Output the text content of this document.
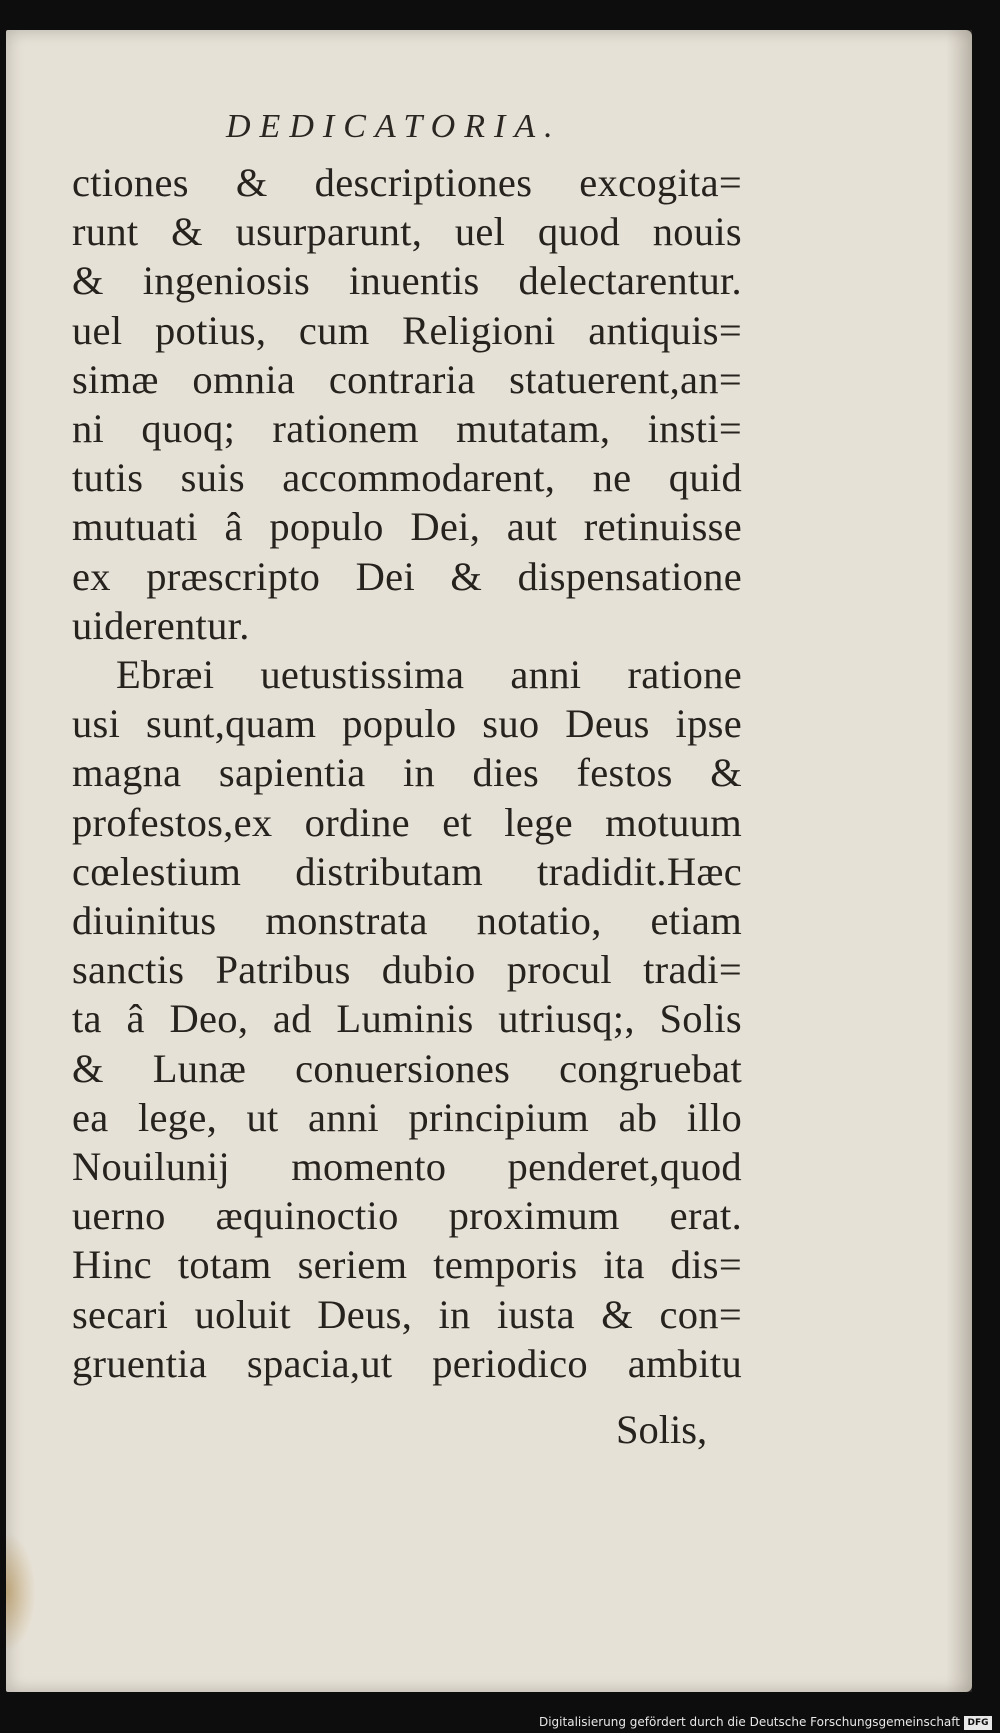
DEDICATORIA.
ctiones & descriptiones excogita=
runt & usurparunt, uel quod nouis
& ingeniosis inuentis delectarentur.
uel potius, cum Religioni antiquis=
simæ omnia contraria statuerent,an=
ni quoq; rationem mutatam, insti=
tutis suis accommodarent, ne quid
mutuati â populo Dei, aut retinuisse
ex præscripto Dei & dispensatione
uiderentur.
Ebræi uetustissima anni ratione
usi sunt,quam populo suo Deus ipse
magna sapientia in dies festos &
profestos,ex ordine et lege motuum
cœlestium distributam tradidit.Hæc
diuinitus monstrata notatio, etiam
sanctis Patribus dubio procul tradi=
ta â Deo, ad Luminis utriusq;, Solis
& Lunæ conuersiones congruebat
ea lege, ut anni principium ab illo
Nouilunij momento penderet,quod
uerno æquinoctio proximum erat.
Hinc totam seriem temporis ita dis=
secari uoluit Deus, in iusta & con=
gruentia spacia,ut periodico ambitu
Solis,
Digitalisierung gefördert durch die Deutsche Forschungsgemeinschaft DFG
